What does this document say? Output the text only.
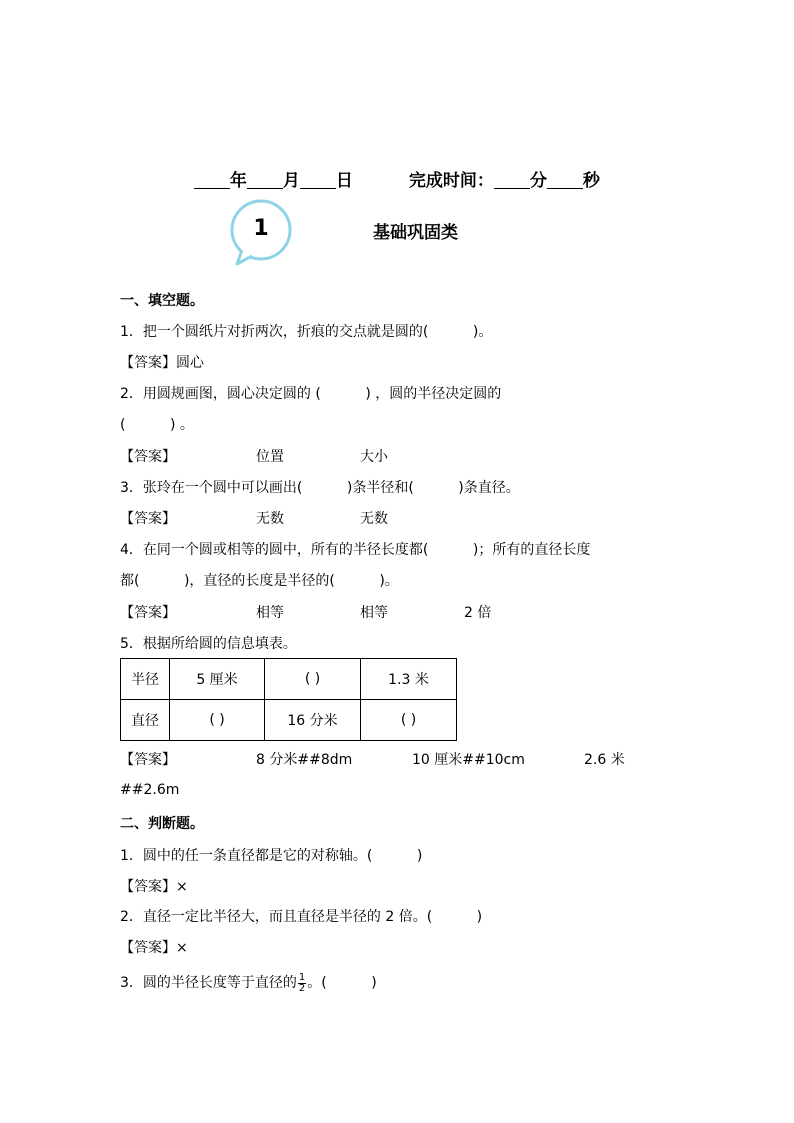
年 月 日	完成时间： 分 秒

1	基础巩固类
一、填空题。
1．把一个圆纸片对折两次，折痕的交点就是圆的(          )。
【答案】圆心
2．用圆规画图，圆心决定圆的 (          ) ，圆的半径决定圆的
(          ) 。
【答案】	位置	大小
3．张玲在一个圆中可以画出(          )条半径和(          )条直径。
【答案】	无数	无数
4．在同一个圆或相等的圆中，所有的半径长度都(          )；所有的直径长度
都(          )，直径的长度是半径的(          )。
【答案】	相等	相等	2 倍
5．根据所给圆的信息填表。
半径	5 厘米	( )	1.3 米
直径	( )	16 分米	( )
【答案】	8 分米##8dm	10 厘米##10cm	2.6 米
##2.6m
二、判断题。
1．圆中的任一条直径都是它的对称轴。(          )
【答案】×
2．直径一定比半径大，而且直径是半径的 2 倍。(          )
【答案】×
3．圆的半径长度等于直径的 $\frac{1}{2}$ 。(          )
